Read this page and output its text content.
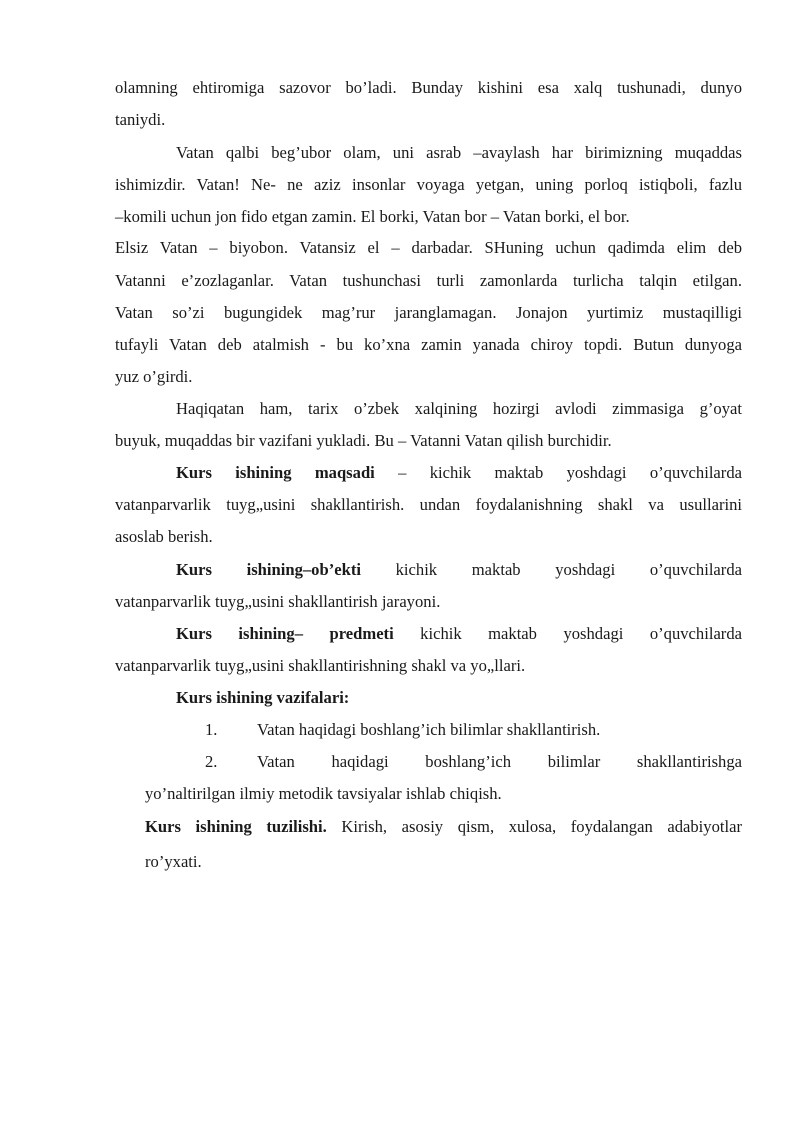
olamning ehtiromiga sazovor bo’ladi. Bunday kishini esa xalq tushunadi, dunyo
taniydi.
Vatan qalbi beg’ubor olam, uni asrab –avaylash har birimizning muqaddas
ishimizdir. Vatan! Ne- ne aziz insonlar voyaga yetgan, uning porloq istiqboli, fazlu
–komili uchun jon fido etgan zamin. El borki, Vatan bor – Vatan borki, el bor.
Elsiz Vatan – biyobon. Vatansiz el – darbadar. SHuning uchun qadimda elim deb
Vatanni e’zozlaganlar. Vatan tushunchasi turli zamonlarda turlicha talqin etilgan.
Vatan so’zi bugungidek mag’rur jaranglamagan. Jonajon yurtimiz mustaqilligi
tufayli Vatan deb atalmish - bu ko’xna zamin yanada chiroy topdi. Butun dunyoga
yuz o’girdi.
Haqiqatan ham, tarix o’zbek xalqining hozirgi avlodi zimmasiga g’oyat
buyuk, muqaddas bir vazifani yukladi. Bu – Vatanni Vatan qilish burchidir.
Kurs ishining maqsadi – kichik maktab yoshdagi o’quvchilarda
vatanparvarlik tuyg„usini shakllantirish. undan foydalanishning shakl va usullarini
asoslab berish.
Kurs ishining–ob’ekti kichik maktab yoshdagi o’quvchilarda
vatanparvarlik tuyg„usini shakllantirish jarayoni.
Kurs ishining– predmeti kichik maktab yoshdagi o’quvchilarda
vatanparvarlik tuyg„usini shakllantirishning shakl va yo„llari.
Kurs ishining vazifalari:
1.	Vatan haqidagi boshlang’ich bilimlar shakllantirish.
2.	Vatan haqidagi boshlang’ich bilimlar shakllantirishga
yo’naltirilgan ilmiy metodik tavsiyalar ishlab chiqish.
Kurs ishining tuzilishi. Kirish, asosiy qism, xulosa, foydalangan adabiyotlar
ro’yxati.
